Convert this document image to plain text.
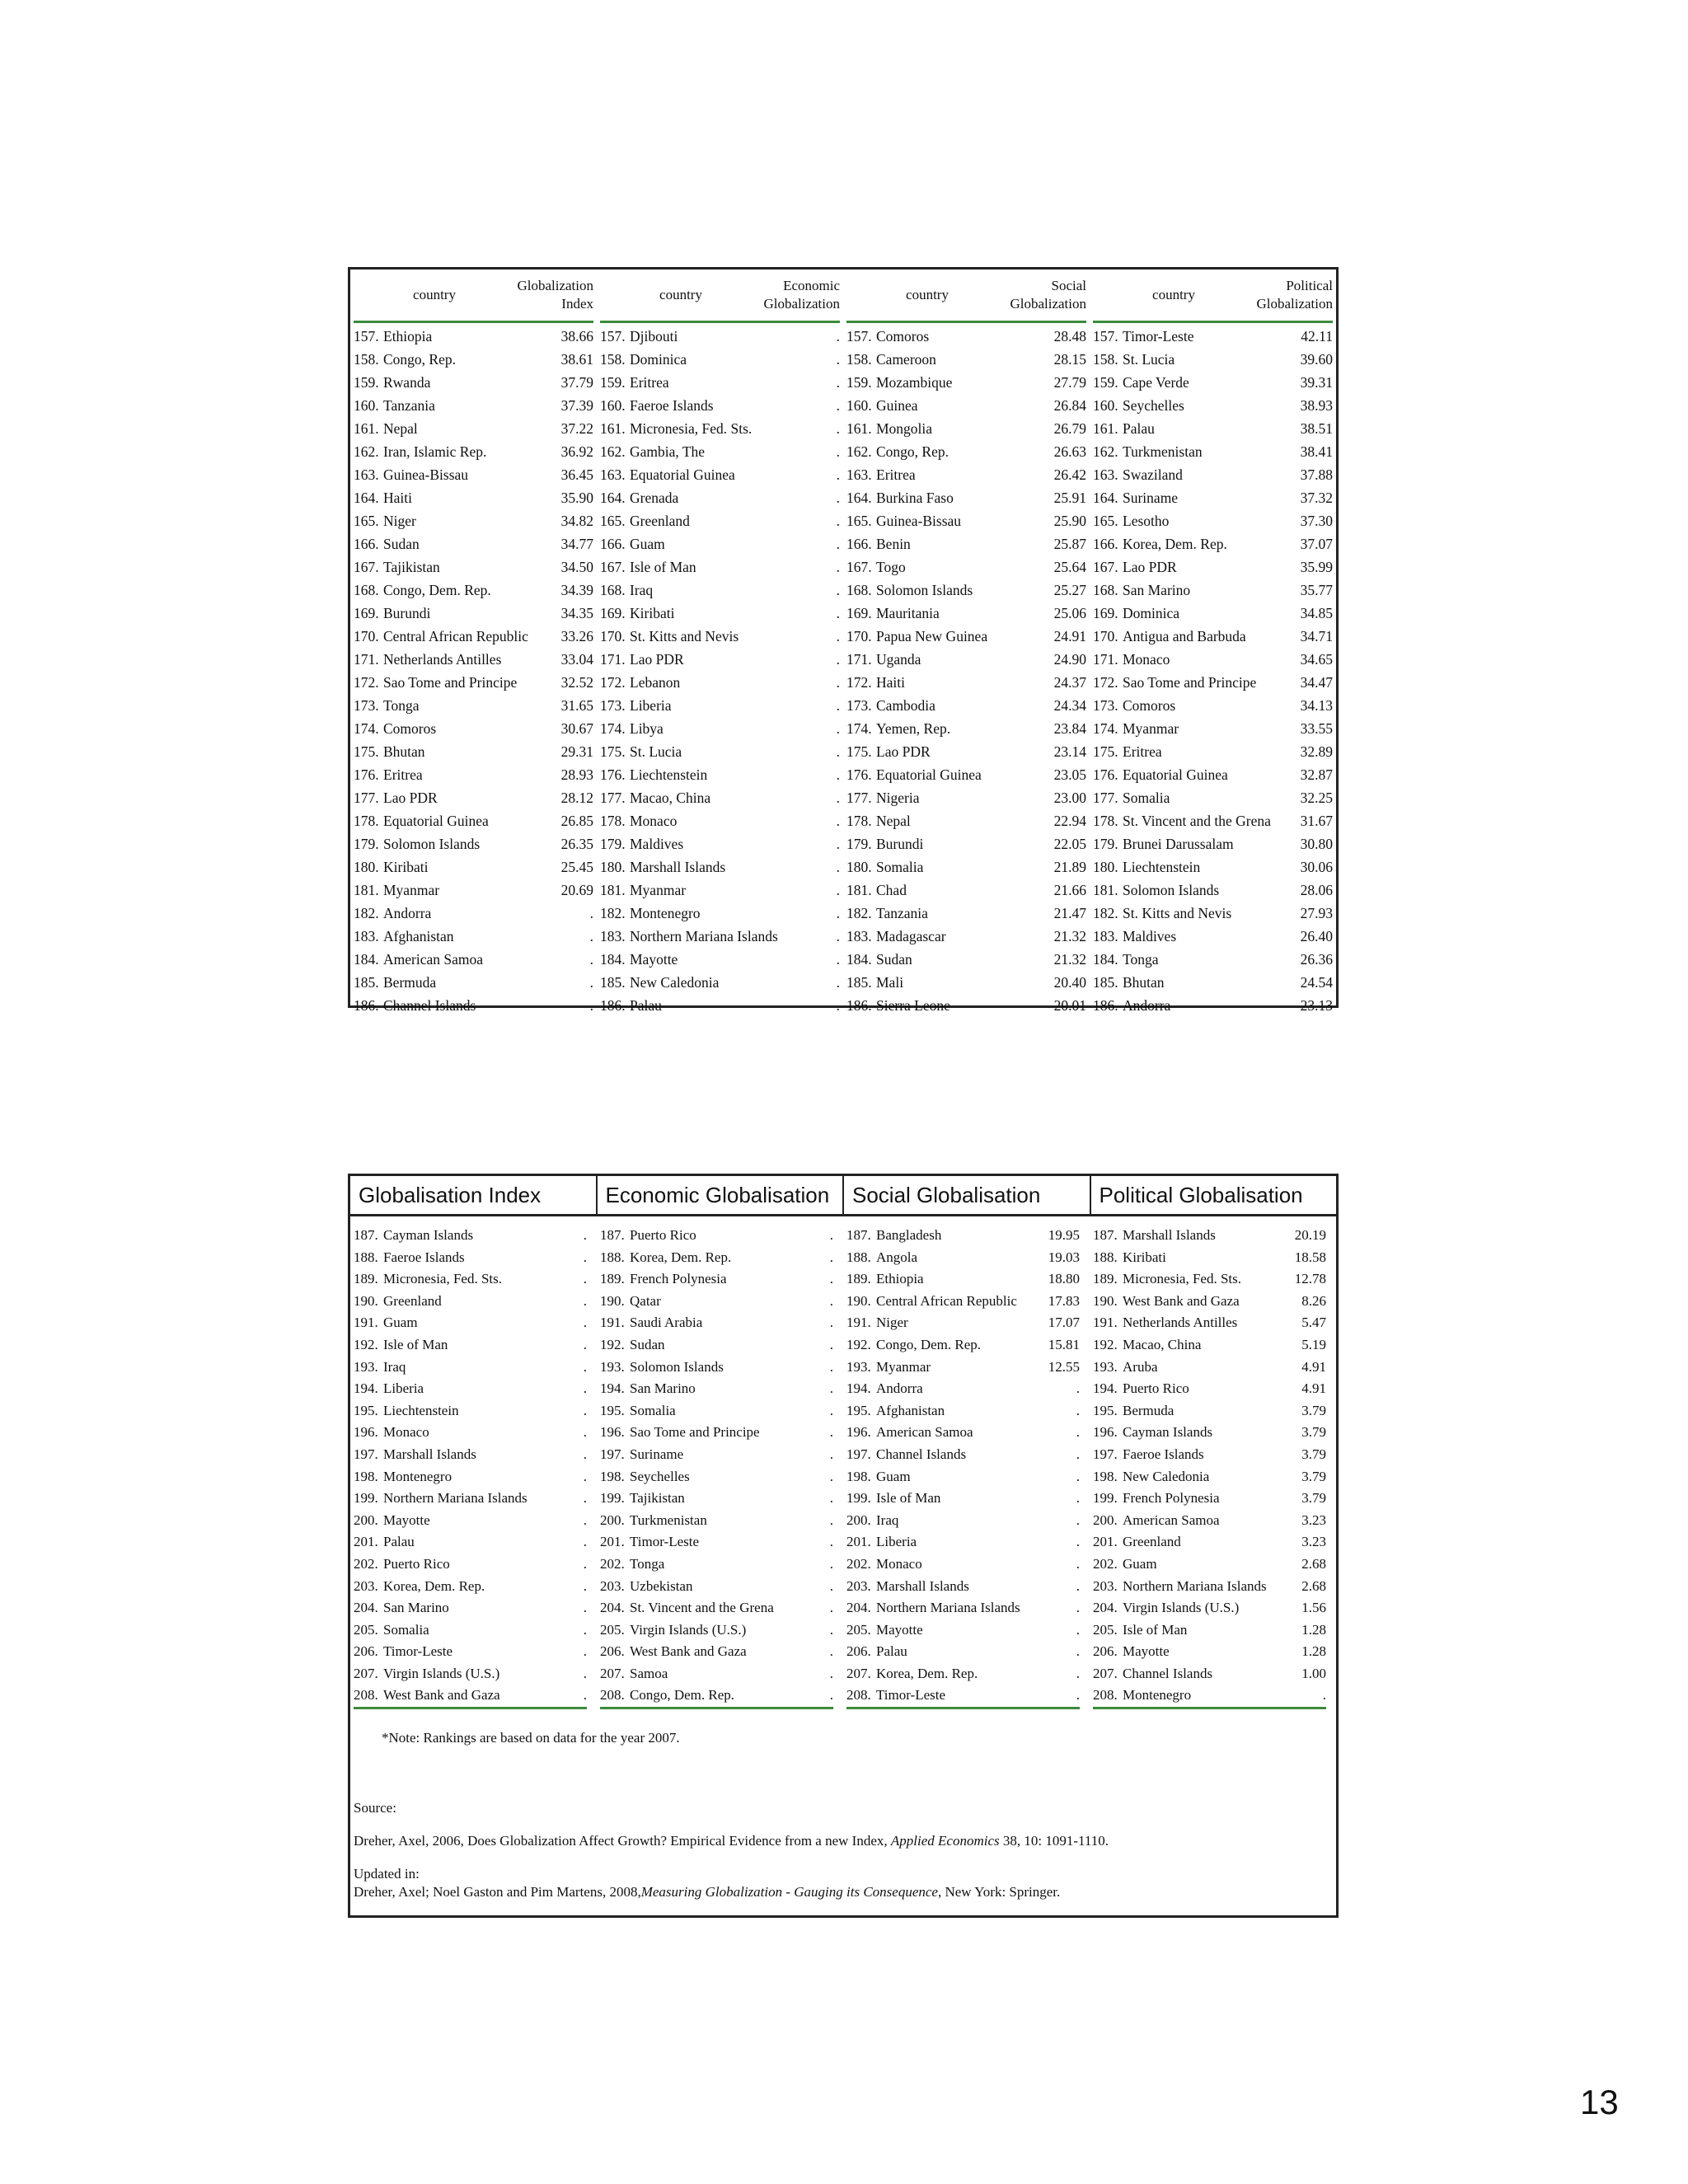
country
Globalization Index
157. Ethiopia	38.66
158. Congo, Rep.	38.61
159. Rwanda	37.79
160. Tanzania	37.39
161. Nepal	37.22
162. Iran, Islamic Rep.	36.92
163. Guinea-Bissau	36.45
164. Haiti	35.90
165. Niger	34.82
166. Sudan	34.77
167. Tajikistan	34.50
168. Congo, Dem. Rep.	34.39
169. Burundi	34.35
170. Central African Republic	33.26
171. Netherlands Antilles	33.04
172. Sao Tome and Principe	32.52
173. Tonga	31.65
174. Comoros	30.67
175. Bhutan	29.31
176. Eritrea	28.93
177. Lao PDR	28.12
178. Equatorial Guinea	26.85
179. Solomon Islands	26.35
180. Kiribati	25.45
181. Myanmar	20.69
182. Andorra	.
183. Afghanistan	.
184. American Samoa	.
185. Bermuda	.
186. Channel Islands	.
country
Economic Globalization
157. Djibouti	.
158. Dominica	.
159. Eritrea	.
160. Faeroe Islands	.
161. Micronesia, Fed. Sts.	.
162. Gambia, The	.
163. Equatorial Guinea	.
164. Grenada	.
165. Greenland	.
166. Guam	.
167. Isle of Man	.
168. Iraq	.
169. Kiribati	.
170. St. Kitts and Nevis	.
171. Lao PDR	.
172. Lebanon	.
173. Liberia	.
174. Libya	.
175. St. Lucia	.
176. Liechtenstein	.
177. Macao, China	.
178. Monaco	.
179. Maldives	.
180. Marshall Islands	.
181. Myanmar	.
182. Montenegro	.
183. Northern Mariana Islands	.
184. Mayotte	.
185. New Caledonia	.
186. Palau	.
country
Social Globalization
157. Comoros	28.48
158. Cameroon	28.15
159. Mozambique	27.79
160. Guinea	26.84
161. Mongolia	26.79
162. Congo, Rep.	26.63
163. Eritrea	26.42
164. Burkina Faso	25.91
165. Guinea-Bissau	25.90
166. Benin	25.87
167. Togo	25.64
168. Solomon Islands	25.27
169. Mauritania	25.06
170. Papua New Guinea	24.91
171. Uganda	24.90
172. Haiti	24.37
173. Cambodia	24.34
174. Yemen, Rep.	23.84
175. Lao PDR	23.14
176. Equatorial Guinea	23.05
177. Nigeria	23.00
178. Nepal	22.94
179. Burundi	22.05
180. Somalia	21.89
181. Chad	21.66
182. Tanzania	21.47
183. Madagascar	21.32
184. Sudan	21.32
185. Mali	20.40
186. Sierra Leone	20.01
country
Political Globalization
157. Timor-Leste	42.11
158. St. Lucia	39.60
159. Cape Verde	39.31
160. Seychelles	38.93
161. Palau	38.51
162. Turkmenistan	38.41
163. Swaziland	37.88
164. Suriname	37.32
165. Lesotho	37.30
166. Korea, Dem. Rep.	37.07
167. Lao PDR	35.99
168. San Marino	35.77
169. Dominica	34.85
170. Antigua and Barbuda	34.71
171. Monaco	34.65
172. Sao Tome and Principe	34.47
173. Comoros	34.13
174. Myanmar	33.55
175. Eritrea	32.89
176. Equatorial Guinea	32.87
177. Somalia	32.25
178. St. Vincent and the Grena	31.67
179. Brunei Darussalam	30.80
180. Liechtenstein	30.06
181. Solomon Islands	28.06
182. St. Kitts and Nevis	27.93
183. Maldives	26.40
184. Tonga	26.36
185. Bhutan	24.54
186. Andorra	23.13
Globalisation Index	Economic Globalisation	Social Globalisation	Political Globalisation
187. Cayman Islands	.
188. Faeroe Islands	.
189. Micronesia, Fed. Sts.	.
190. Greenland	.
191. Guam	.
192. Isle of Man	.
193. Iraq	.
194. Liberia	.
195. Liechtenstein	.
196. Monaco	.
197. Marshall Islands	.
198. Montenegro	.
199. Northern Mariana Islands	.
200. Mayotte	.
201. Palau	.
202. Puerto Rico	.
203. Korea, Dem. Rep.	.
204. San Marino	.
205. Somalia	.
206. Timor-Leste	.
207. Virgin Islands (U.S.)	.
208. West Bank and Gaza	.
187. Puerto Rico	.
188. Korea, Dem. Rep.	.
189. French Polynesia	.
190. Qatar	.
191. Saudi Arabia	.
192. Sudan	.
193. Solomon Islands	.
194. San Marino	.
195. Somalia	.
196. Sao Tome and Principe	.
197. Suriname	.
198. Seychelles	.
199. Tajikistan	.
200. Turkmenistan	.
201. Timor-Leste	.
202. Tonga	.
203. Uzbekistan	.
204. St. Vincent and the Grena	.
205. Virgin Islands (U.S.)	.
206. West Bank and Gaza	.
207. Samoa	.
208. Congo, Dem. Rep.	.
187. Bangladesh	19.95
188. Angola	19.03
189. Ethiopia	18.80
190. Central African Republic	17.83
191. Niger	17.07
192. Congo, Dem. Rep.	15.81
193. Myanmar	12.55
194. Andorra	.
195. Afghanistan	.
196. American Samoa	.
197. Channel Islands	.
198. Guam	.
199. Isle of Man	.
200. Iraq	.
201. Liberia	.
202. Monaco	.
203. Marshall Islands	.
204. Northern Mariana Islands	.
205. Mayotte	.
206. Palau	.
207. Korea, Dem. Rep.	.
208. Timor-Leste	.
187. Marshall Islands	20.19
188. Kiribati	18.58
189. Micronesia, Fed. Sts.	12.78
190. West Bank and Gaza	8.26
191. Netherlands Antilles	5.47
192. Macao, China	5.19
193. Aruba	4.91
194. Puerto Rico	4.91
195. Bermuda	3.79
196. Cayman Islands	3.79
197. Faeroe Islands	3.79
198. New Caledonia	3.79
199. French Polynesia	3.79
200. American Samoa	3.23
201. Greenland	3.23
202. Guam	2.68
203. Northern Mariana Islands	2.68
204. Virgin Islands (U.S.)	1.56
205. Isle of Man	1.28
206. Mayotte	1.28
207. Channel Islands	1.00
208. Montenegro	.
*Note: Rankings are based on data for the year 2007.

Source:

Dreher, Axel, 2006, Does Globalization Affect Growth? Empirical Evidence from a new Index, Applied Economics 38, 10: 1091-1110.

Updated in:

Dreher, Axel; Noel Gaston and Pim Martens, 2008,Measuring Globalization - Gauging its Consequence, New York: Springer.

13
